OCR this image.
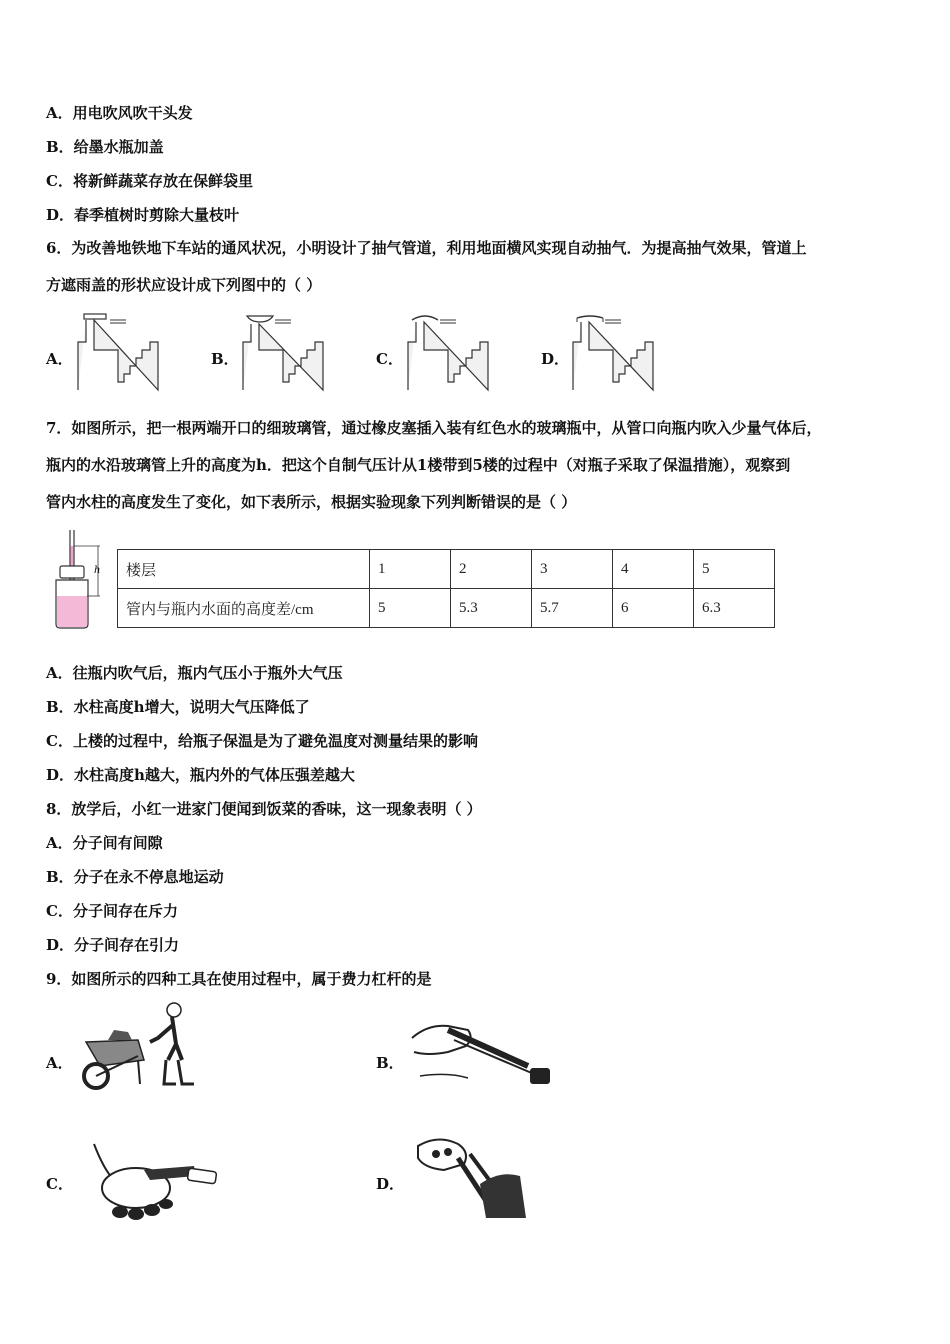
A．用电吹风吹干头发
B．给墨水瓶加盖
C．将新鲜蔬菜存放在保鲜袋里
D．春季植树时剪除大量枝叶
6．为改善地铁地下车站的通风状况，小明设计了抽气管道，利用地面横风实现自动抽气．为提高抽气效果，管道上
方遮雨盖的形状应设计成下列图中的（ ）
A．	B．	C．	D．
7．如图所示，把一根两端开口的细玻璃管，通过橡皮塞插入装有红色水的玻璃瓶中，从管口向瓶内吹入少量气体后，
瓶内的水沿玻璃管上升的高度为h．把这个自制气压计从1楼带到5楼的过程中（对瓶子采取了保温措施），观察到
管内水柱的高度发生了变化，如下表所示，根据实验现象下列判断错误的是（ ）
h 楼层	1	2	3	4	5
管内与瓶内水面的高度差/cm	5	5.3	5.7	6	6.3
A．往瓶内吹气后，瓶内气压小于瓶外大气压
B．水柱高度h增大，说明大气压降低了
C．上楼的过程中，给瓶子保温是为了避免温度对测量结果的影响
D．水柱高度h越大，瓶内外的气体压强差越大
8．放学后，小红一进家门便闻到饭菜的香味，这一现象表明（ ）
A．分子间有间隙
B．分子在永不停息地运动
C．分子间存在斥力
D．分子间存在引力
9．如图所示的四种工具在使用过程中，属于费力杠杆的是
A．	B．
C．	D．
